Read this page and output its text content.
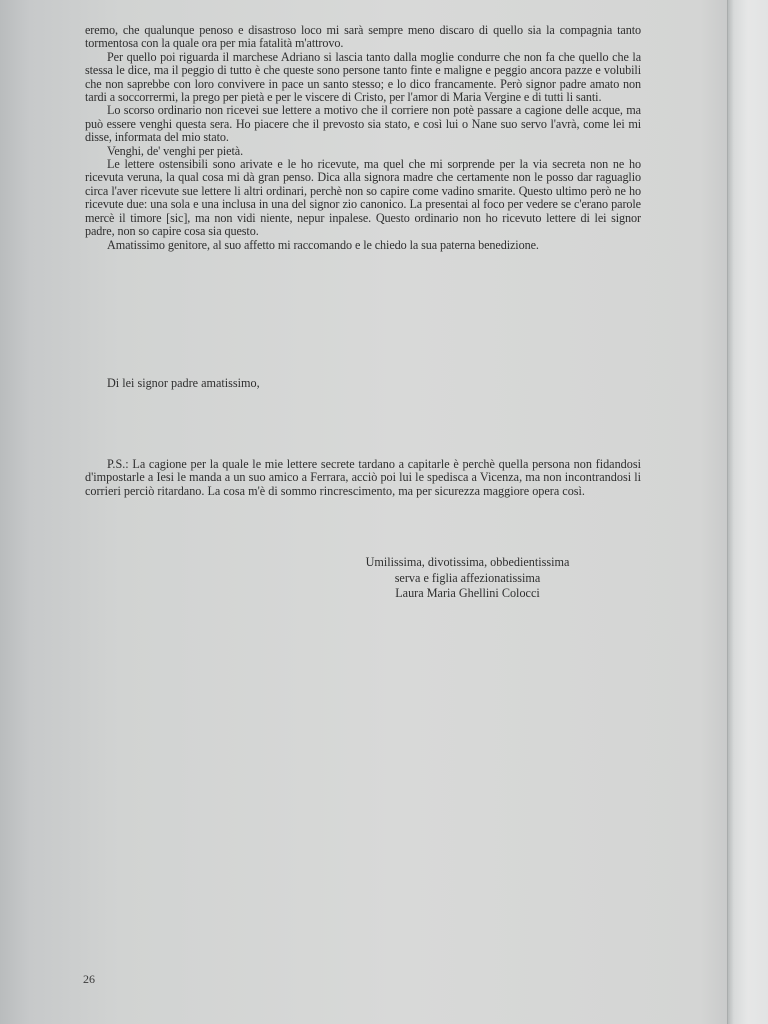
eremo, che qualunque penoso e disastroso loco mi sarà sempre meno discaro di quello sia la compagnia tanto tormentosa con la quale ora per mia fatalità m'attrovo.

Per quello poi riguarda il marchese Adriano si lascia tanto dalla moglie condurre che non fa che quello che la stessa le dice, ma il peggio di tutto è che queste sono persone tanto finte e maligne e peggio ancora pazze e volubili che non saprebbe con loro convivere in pace un santo stesso; e lo dico francamente. Però signor padre amato non tardi a soccorrermi, la prego per pietà e per le viscere di Cristo, per l'amor di Maria Vergine e di tutti li santi.

Lo scorso ordinario non ricevei sue lettere a motivo che il corriere non potè passare a cagione delle acque, ma può essere venghi questa sera. Ho piacere che il prevosto sia stato, e così lui o Nane suo servo l'avrà, come lei mi disse, informata del mio stato.

Venghi, de' venghi per pietà.

Le lettere ostensibili sono arivate e le ho ricevute, ma quel che mi sorprende per la via secreta non ne ho ricevuta veruna, la qual cosa mi dà gran penso. Dica alla signora madre che certamente non le posso dar raguaglio circa l'aver ricevute sue lettere li altri ordinari, perchè non so capire come vadino smarite. Questo ultimo però ne ho ricevute due: una sola e una inclusa in una del signor zio canonico. La presentai al foco per vedere se c'erano parole mercè il timore [sic], ma non vidi niente, nepur inpalese. Questo ordinario non ho ricevuto lettere di lei signor padre, non so capire cosa sia questo.

Amatissimo genitore, al suo affetto mi raccomando e le chiedo la sua paterna benedizione.

Di lei signor padre amatissimo,

P.S.: La cagione per la quale le mie lettere secrete tardano a capitarle è perchè quella persona non fidandosi d'impostarle a Iesi le manda a un suo amico a Ferrara, acciò poi lui le spedisca a Vicenza, ma non incontrandosi li corrieri perciò ritardano. La cosa m'è di sommo rincrescimento, ma per sicurezza maggiore opera così.

Umilissima, divotissima, obbedientissima
serva e figlia affezionatissima
Laura Maria Ghellini Colocci
26
